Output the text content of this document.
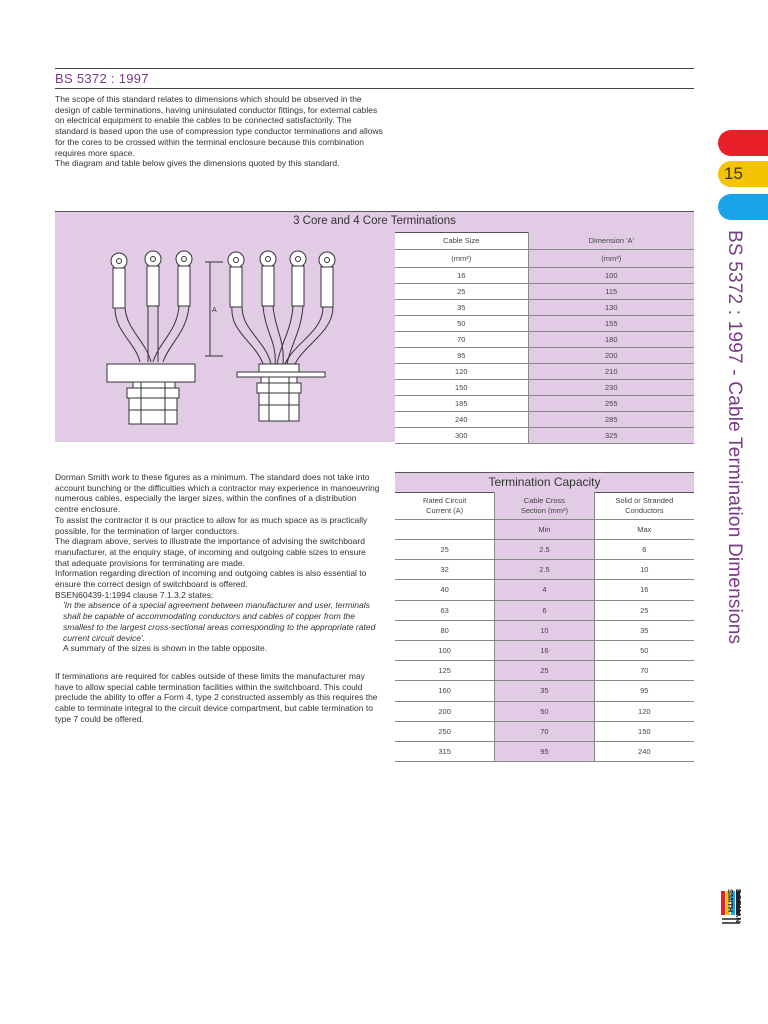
BS 5372 : 1997

The scope of this standard relates to dimensions which should be observed in the design of cable terminations, having uninsulated conductor fittings, for external cables on electrical equipment to enable the cables to be connected satisfactorily. The standard is based upon the use of compression type conductor terminations and allows for the cores to be crossed within the terminal enclosure because this combination requires more space.

The diagram and table below gives the dimensions quoted by this standard.

3 Core and 4 Core Terminations
A
Cable Size	Dimension 'A'
(mm²)	(mm²)
16	100
25	115
35	130
50	155
70	180
95	200
120	210
150	230
185	255
240	285
300	325

Dorman Smith work to these figures as a minimum. The standard does not take into account bunching or the difficulties which a contractor may experience in manoeuvring numerous cables, especially the larger sizes, within the confines of a distribution centre enclosure.

To assist the contractor it is our practice to allow for as much space as is practically possible, for the termination of larger conductors.

The diagram above, serves to illustrate the importance of advising the switchboard manufacturer, at the enquiry stage, of incoming and outgoing cable sizes to ensure that adequate provisions for terminating are made.

Information regarding direction of incoming and outgoing cables is also essential to ensure the correct design of switchboard is offered.

BSEN60439-1:1994 clause 7.1.3.2 states:

'In the absence of a special agreement between manufacturer and user, terminals shall be capable of accommodating conductors and cables of copper from the smallest to the largest cross-sectional areas corresponding to the appropriate rated current circuit device'.

A summary of the sizes is shown in the table opposite.

If terminations are required for cables outside of these limits the manufacturer may have to allow special cable termination facilities within the switchboard. This could preclude the ability to offer a Form 4, type 2 constructed assembly as this requires the cable to terminate integral to the circuit device compartment, but cable termination to type 7 could be offered.

Termination Capacity
Rated Circuit
Current (A)	Cable Cross
Section (mm²)	Solid or Stranded
Conductors
	Min	Max
25	2.5	6
32	2.5	10
40	4	16
63	6	25
80	10	35
100	16	50
125	25	70
160	35	95
200	50	120
250	70	150
315	95	240
15
BS 5372 : 1997 - Cable Termination Dimensions
DORMAN
SMITH
